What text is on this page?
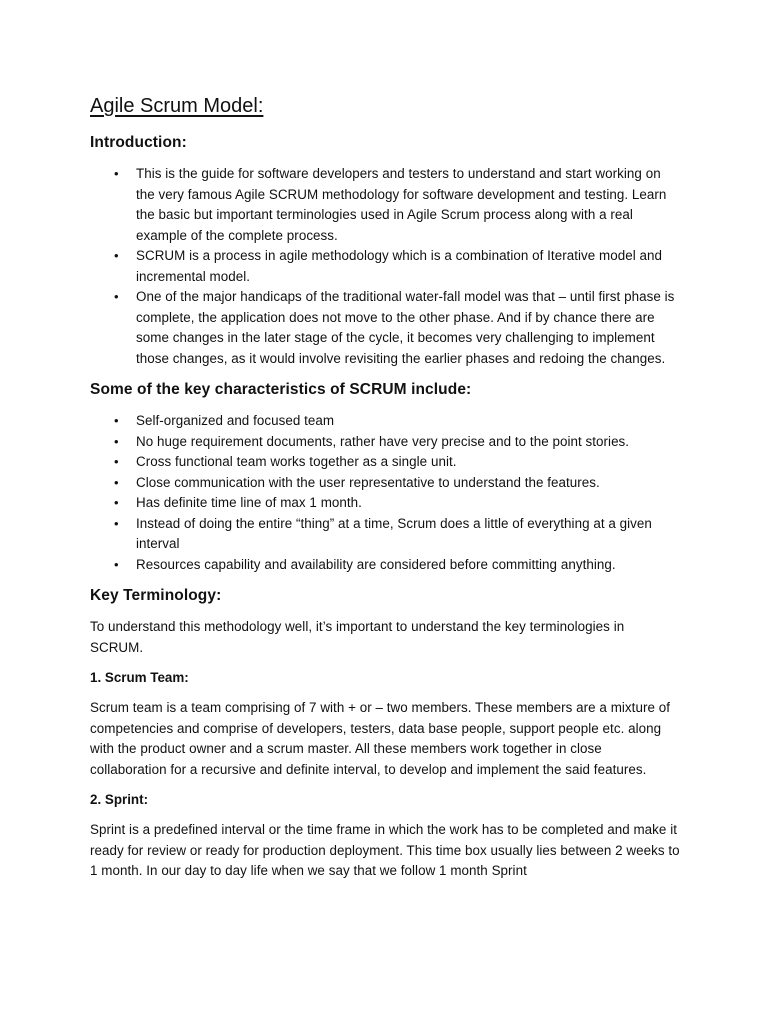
Agile Scrum Model:
Introduction:
• This is the guide for software developers and testers to understand and start working on the very famous Agile SCRUM methodology for software development and testing. Learn the basic but important terminologies used in Agile Scrum process along with a real example of the complete process.
• SCRUM is a process in agile methodology which is a combination of Iterative model and incremental model.
• One of the major handicaps of the traditional water-fall model was that – until first phase is complete, the application does not move to the other phase. And if by chance there are some changes in the later stage of the cycle, it becomes very challenging to implement those changes, as it would involve revisiting the earlier phases and redoing the changes.
Some of the key characteristics of SCRUM include:
• Self-organized and focused team
• No huge requirement documents, rather have very precise and to the point stories.
• Cross functional team works together as a single unit.
• Close communication with the user representative to understand the features.
• Has definite time line of max 1 month.
• Instead of doing the entire “thing” at a time, Scrum does a little of everything at a given interval
• Resources capability and availability are considered before committing anything.
Key Terminology:

To understand this methodology well, it’s important to understand the key terminologies in SCRUM.

1. Scrum Team:

Scrum team is a team comprising of 7 with + or – two members. These members are a mixture of competencies and comprise of developers, testers, data base people, support people etc. along with the product owner and a scrum master. All these members work together in close collaboration for a recursive and definite interval, to develop and implement the said features.

2. Sprint:

Sprint is a predefined interval or the time frame in which the work has to be completed and make it ready for review or ready for production deployment. This time box usually lies between 2 weeks to 1 month. In our day to day life when we say that we follow 1 month Sprint
